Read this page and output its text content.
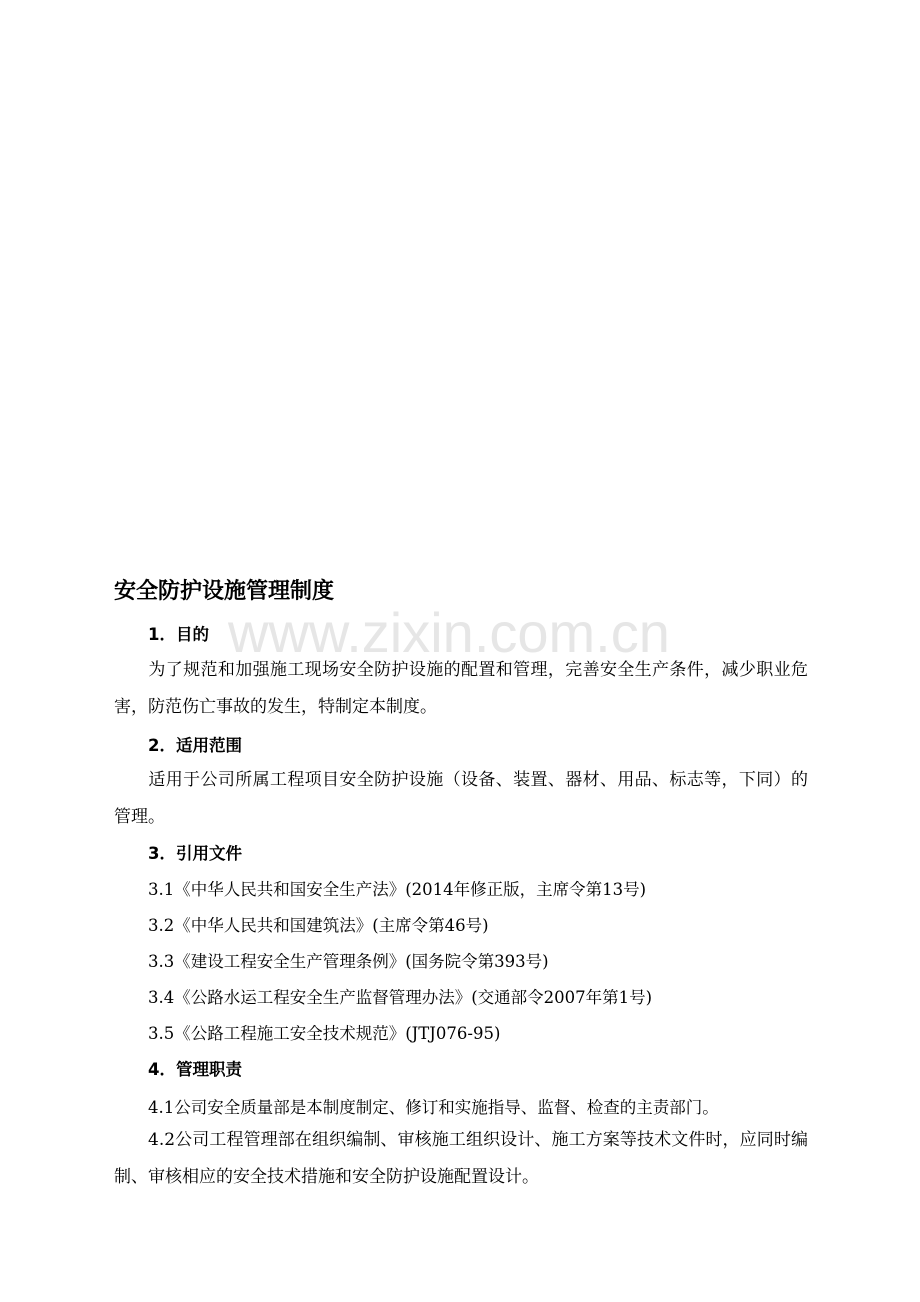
www.zixin.com.cn
安全防护设施管理制度
1．目的
为了规范和加强施工现场安全防护设施的配置和管理，完善安全生产条件，减少职业危害，防范伤亡事故的发生，特制定本制度。
2．适用范围
适用于公司所属工程项目安全防护设施（设备、装置、器材、用品、标志等，下同）的管理。
3．引用文件
3.1《中华人民共和国安全生产法》(2014年修正版，主席令第13号)
3.2《中华人民共和国建筑法》(主席令第46号)
3.3《建设工程安全生产管理条例》(国务院令第393号)
3.4《公路水运工程安全生产监督管理办法》(交通部令2007年第1号)
3.5《公路工程施工安全技术规范》(JTJ076-95)
4．管理职责
4.1公司安全质量部是本制度制定、修订和实施指导、监督、检查的主责部门。
4.2公司工程管理部在组织编制、审核施工组织设计、施工方案等技术文件时，应同时编制、审核相应的安全技术措施和安全防护设施配置设计。
